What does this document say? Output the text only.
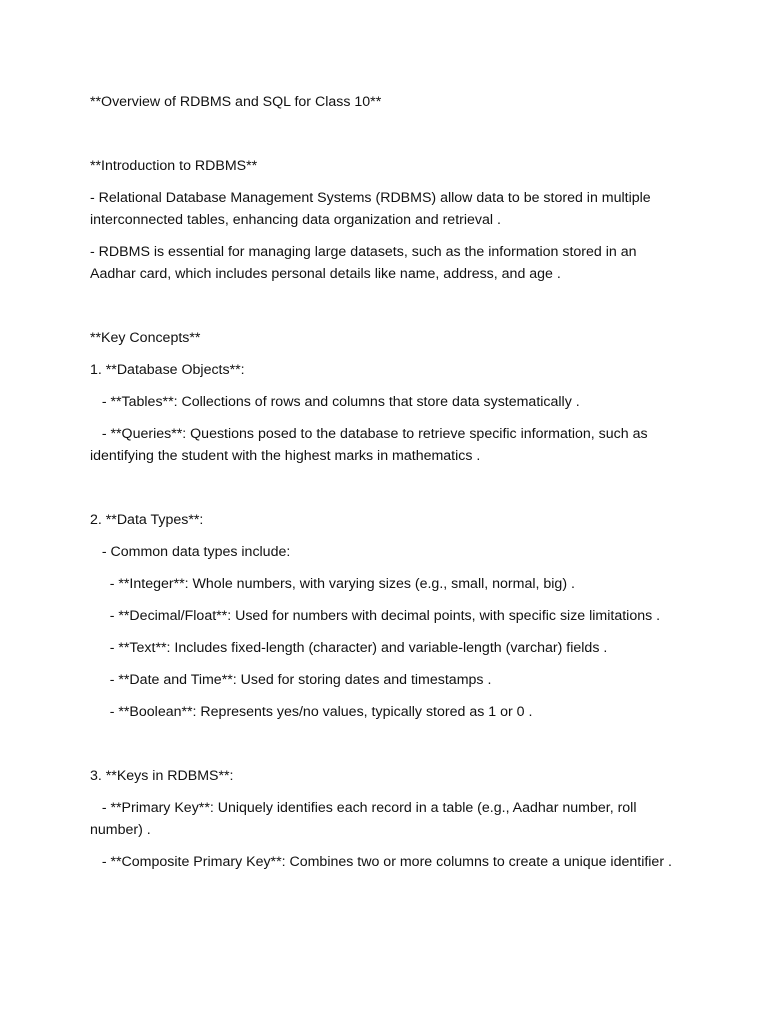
**Overview of RDBMS and SQL for Class 10**

**Introduction to RDBMS**

- Relational Database Management Systems (RDBMS) allow data to be stored in multiple interconnected tables, enhancing data organization and retrieval .

- RDBMS is essential for managing large datasets, such as the information stored in an Aadhar card, which includes personal details like name, address, and age .

**Key Concepts**

1. **Database Objects**:

- **Tables**: Collections of rows and columns that store data systematically .

- **Queries**: Questions posed to the database to retrieve specific information, such as identifying the student with the highest marks in mathematics .

2. **Data Types**:

- Common data types include:

- **Integer**: Whole numbers, with varying sizes (e.g., small, normal, big) .

- **Decimal/Float**: Used for numbers with decimal points, with specific size limitations .

- **Text**: Includes fixed-length (character) and variable-length (varchar) fields .

- **Date and Time**: Used for storing dates and timestamps .

- **Boolean**: Represents yes/no values, typically stored as 1 or 0 .

3. **Keys in RDBMS**:

- **Primary Key**: Uniquely identifies each record in a table (e.g., Aadhar number, roll number) .

- **Composite Primary Key**: Combines two or more columns to create a unique identifier .
